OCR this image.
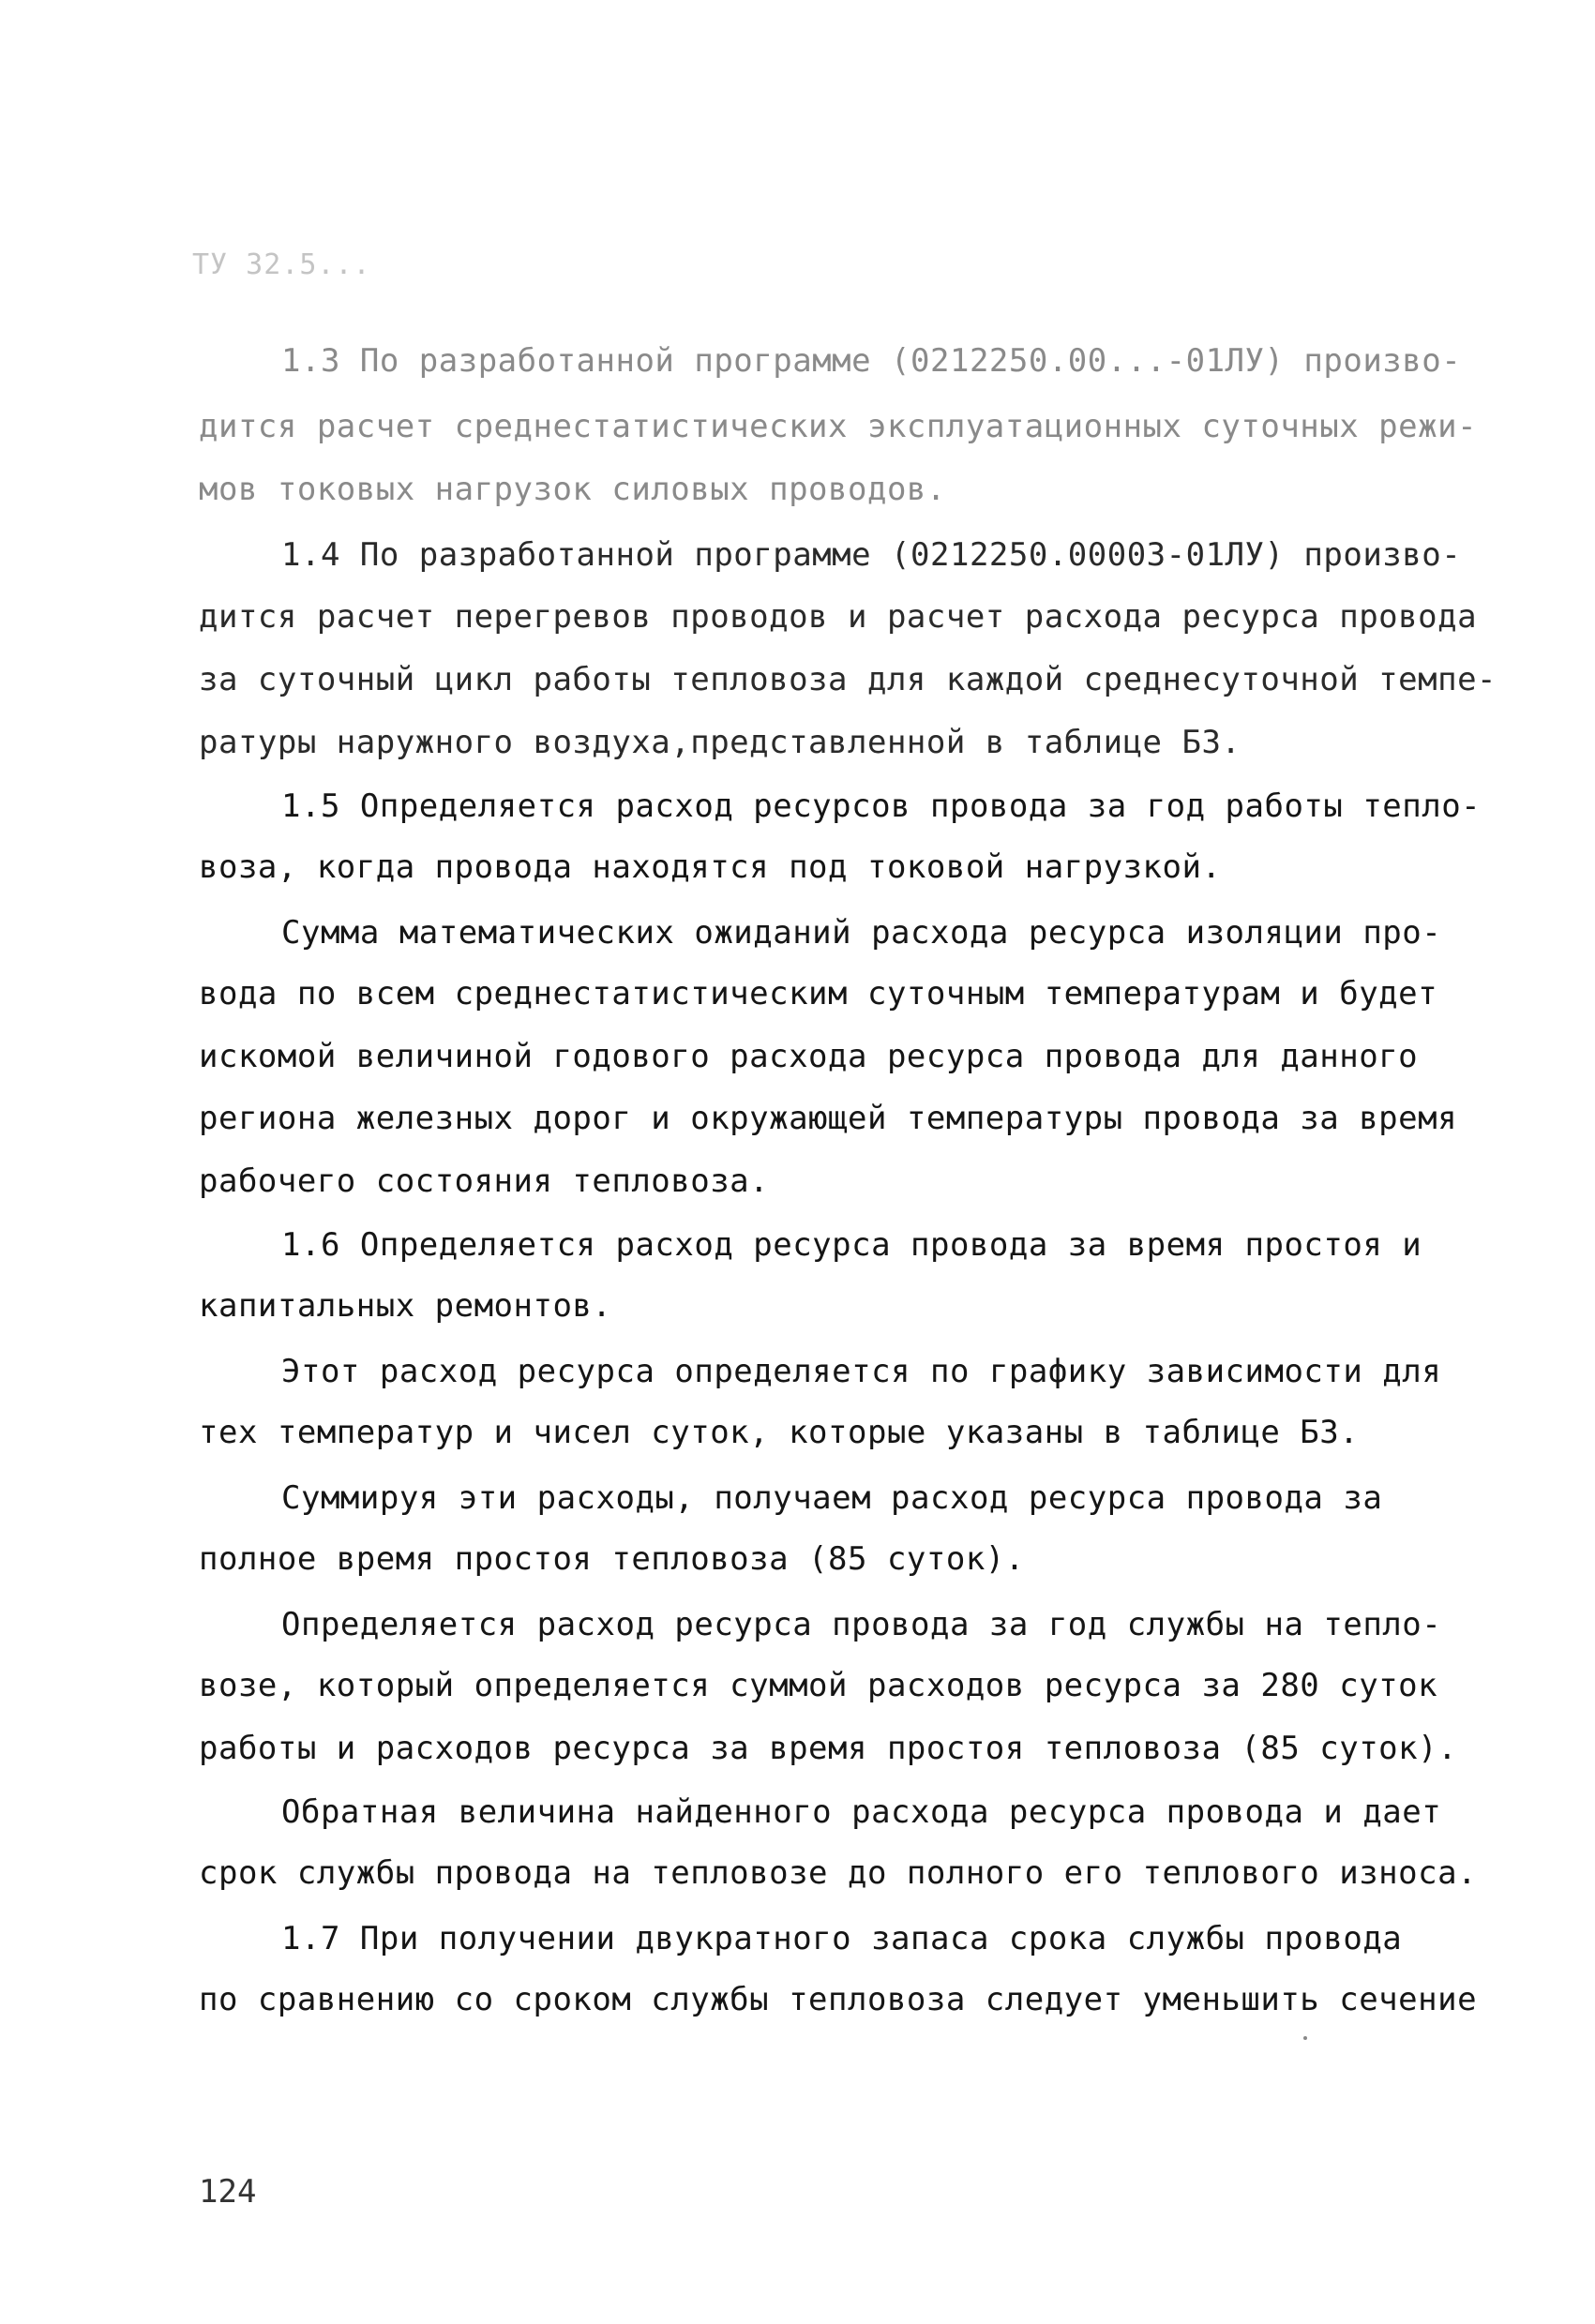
ТУ 32.5...
1.3 По разработанной программе (0212250.00...-01ЛУ) произво-
дится расчет среднестатистических эксплуатационных суточных режи-
мов токовых нагрузок силовых проводов.
1.4 По разработанной программе (0212250.00003-01ЛУ) произво-
дится расчет перегревов проводов и расчет расхода ресурса провода
за суточный цикл работы тепловоза для каждой среднесуточной темпе-
ратуры наружного воздуха,представленной в таблице Б3.
1.5 Определяется расход ресурсов провода за год работы тепло-
воза, когда провода находятся под токовой нагрузкой.
Сумма математических ожиданий расхода ресурса изоляции про-
вода по всем среднестатистическим суточным температурам и будет
искомой величиной годового расхода ресурса провода для данного
региона железных дорог и окружающей температуры провода за время
рабочего состояния тепловоза.
1.6 Определяется расход ресурса провода за время простоя и
капитальных ремонтов.
Этот расход ресурса определяется по графику зависимости для
тех температур и чисел суток, которые указаны в таблице Б3.
Суммируя эти расходы, получаем расход ресурса провода за
полное время простоя тепловоза (85 суток).
Определяется расход ресурса провода за год службы на тепло-
возе, который определяется суммой расходов ресурса за 280 суток
работы и расходов ресурса за время простоя тепловоза (85 суток).
Обратная величина найденного расхода ресурса провода и дает
срок службы провода на тепловозе до полного его теплового износа.
1.7 При получении двукратного запаса срока службы провода
по сравнению со сроком службы тепловоза следует уменьшить сечение
124
